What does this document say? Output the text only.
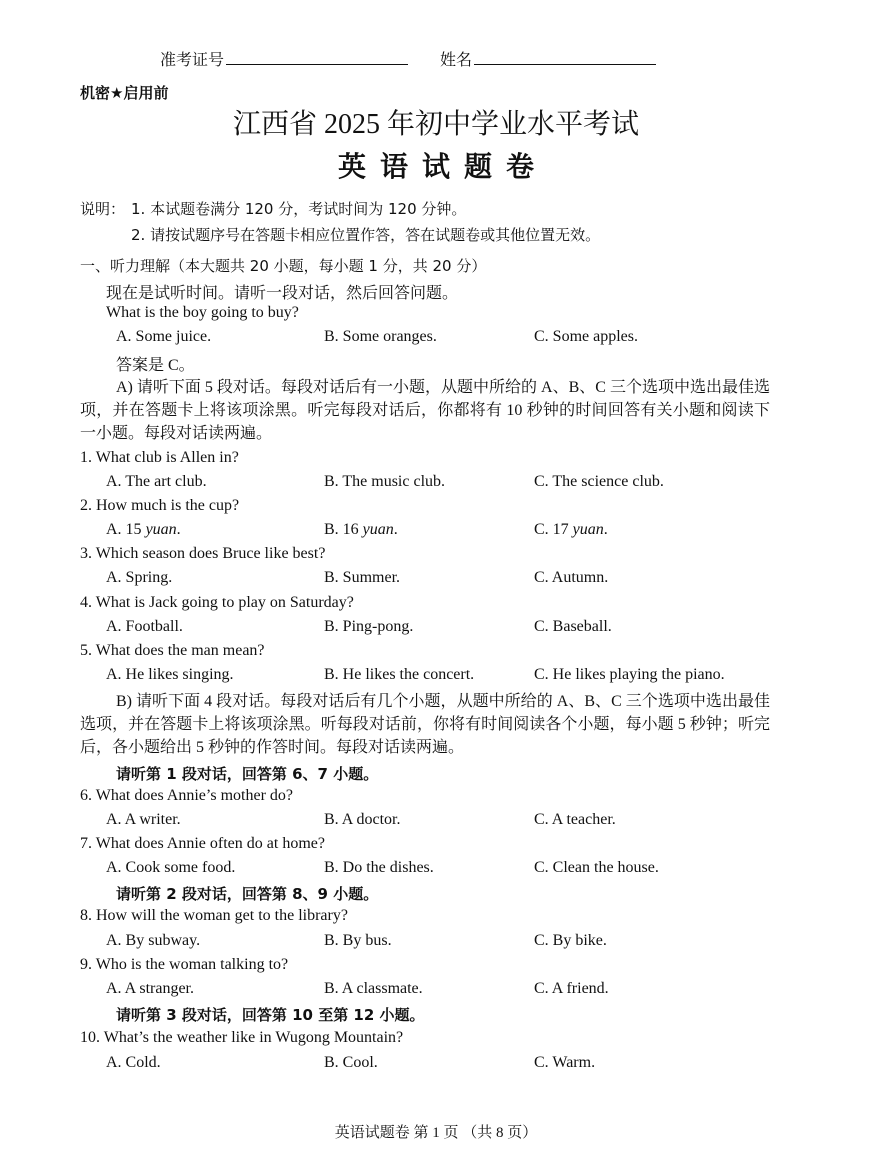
准考证号	姓名
机密★启用前
江西省 2025 年初中学业水平考试
英语试题卷
说明： 1. 本试题卷满分 120 分，考试时间为 120 分钟。
2. 请按试题序号在答题卡相应位置作答，答在试题卷或其他位置无效。
一、听力理解（本大题共 20 小题，每小题 1 分，共 20 分）
现在是试听时间。请听一段对话，然后回答问题。
What is the boy going to buy?
A. Some juice.	B. Some oranges.	C. Some apples.
答案是 C。
A) 请听下面 5 段对话。每段对话后有一小题，从题中所给的 A、B、C 三个选项中选出最佳选项，并在答题卡上将该项涂黑。听完每段对话后，你都将有 10 秒钟的时间回答有关小题和阅读下一小题。每段对话读两遍。
1. What club is Allen in?
A. The art club.	B. The music club.	C. The science club.
2. How much is the cup?
A. 15 yuan.	B. 16 yuan.	C. 17 yuan.
3. Which season does Bruce like best?
A. Spring.	B. Summer.	C. Autumn.
4. What is Jack going to play on Saturday?
A. Football.	B. Ping-pong.	C. Baseball.
5. What does the man mean?
A. He likes singing.	B. He likes the concert.	C. He likes playing the piano.
B) 请听下面 4 段对话。每段对话后有几个小题，从题中所给的 A、B、C 三个选项中选出最佳选项，并在答题卡上将该项涂黑。听每段对话前，你将有时间阅读各个小题，每小题 5 秒钟；听完后，各小题给出 5 秒钟的作答时间。每段对话读两遍。
请听第 1 段对话，回答第 6、7 小题。
6. What does Annie’s mother do?
A. A writer.	B. A doctor.	C. A teacher.
7. What does Annie often do at home?
A. Cook some food.	B. Do the dishes.	C. Clean the house.
请听第 2 段对话，回答第 8、9 小题。
8. How will the woman get to the library?
A. By subway.	B. By bus.	C. By bike.
9. Who is the woman talking to?
A. A stranger.	B. A classmate.	C. A friend.
请听第 3 段对话，回答第 10 至第 12 小题。
10. What’s the weather like in Wugong Mountain?
A. Cold.	B. Cool.	C. Warm.
英语试题卷 第 1 页 （共 8 页）
